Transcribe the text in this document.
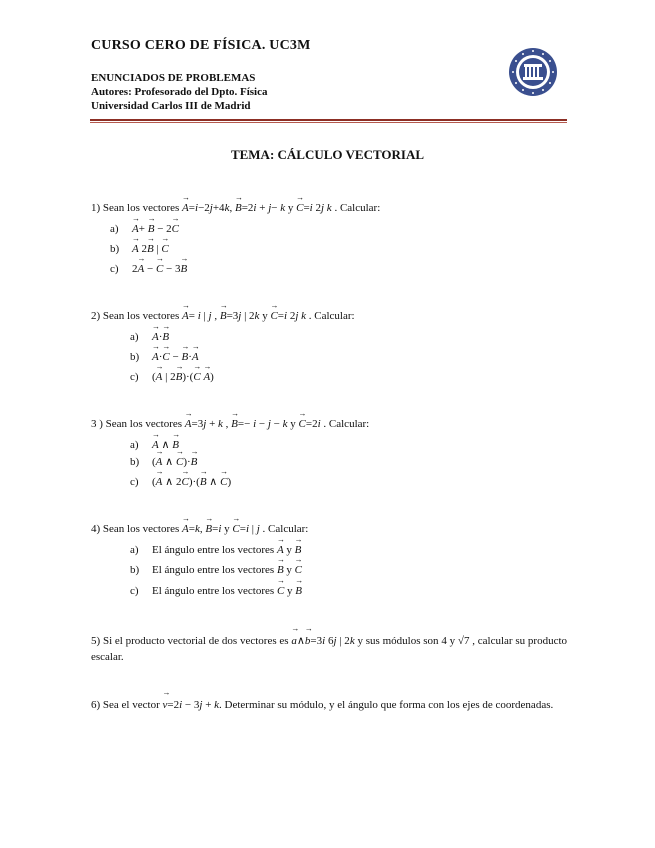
CURSO CERO DE FÍSICA. UC3M
ENUNCIADOS DE PROBLEMAS
Autores: Profesorado del Dpto. Física
Universidad Carlos III de Madrid
TEMA: CÁLCULO VECTORIAL
1) Sean los vectores → A=i−2j+4k, → B=2i + j− k y → C=i 2j k . Calcular:
a) → A+ → B − 2→ C
b) → A 2→ B | → C
c) 2→ A − → C − 3→ B
2) Sean los vectores → A= i | j , → B=3j | 2k y → C=i 2j k . Calcular:
a) → A·→ B
b) → A·→ C − → B·→ A
c) (→ A | 2→ B)·(→ C → A)
3 ) Sean los vectores → A=3j + k , → B=− i − j − k y → C=2i . Calcular:
a) → A ∧ → B
b) (→ A ∧ → C)·→ B
c) (→ A ∧ 2→ C)·(→ B ∧ → C)
4) Sean los vectores → A=k, → B=i y → C=i | j . Calcular:
a) El ángulo entre los vectores → A y → B
b) El ángulo entre los vectores → B y → C
c) El ángulo entre los vectores → C y → B
5) Si el producto vectorial de dos vectores es → a∧→ b=3i 6j | 2k y sus módulos son 4 y √7 , calcular su producto escalar.
6) Sea el vector → v=2i − 3j + k. Determinar su módulo, y el ángulo que forma con los ejes de coordenadas.
